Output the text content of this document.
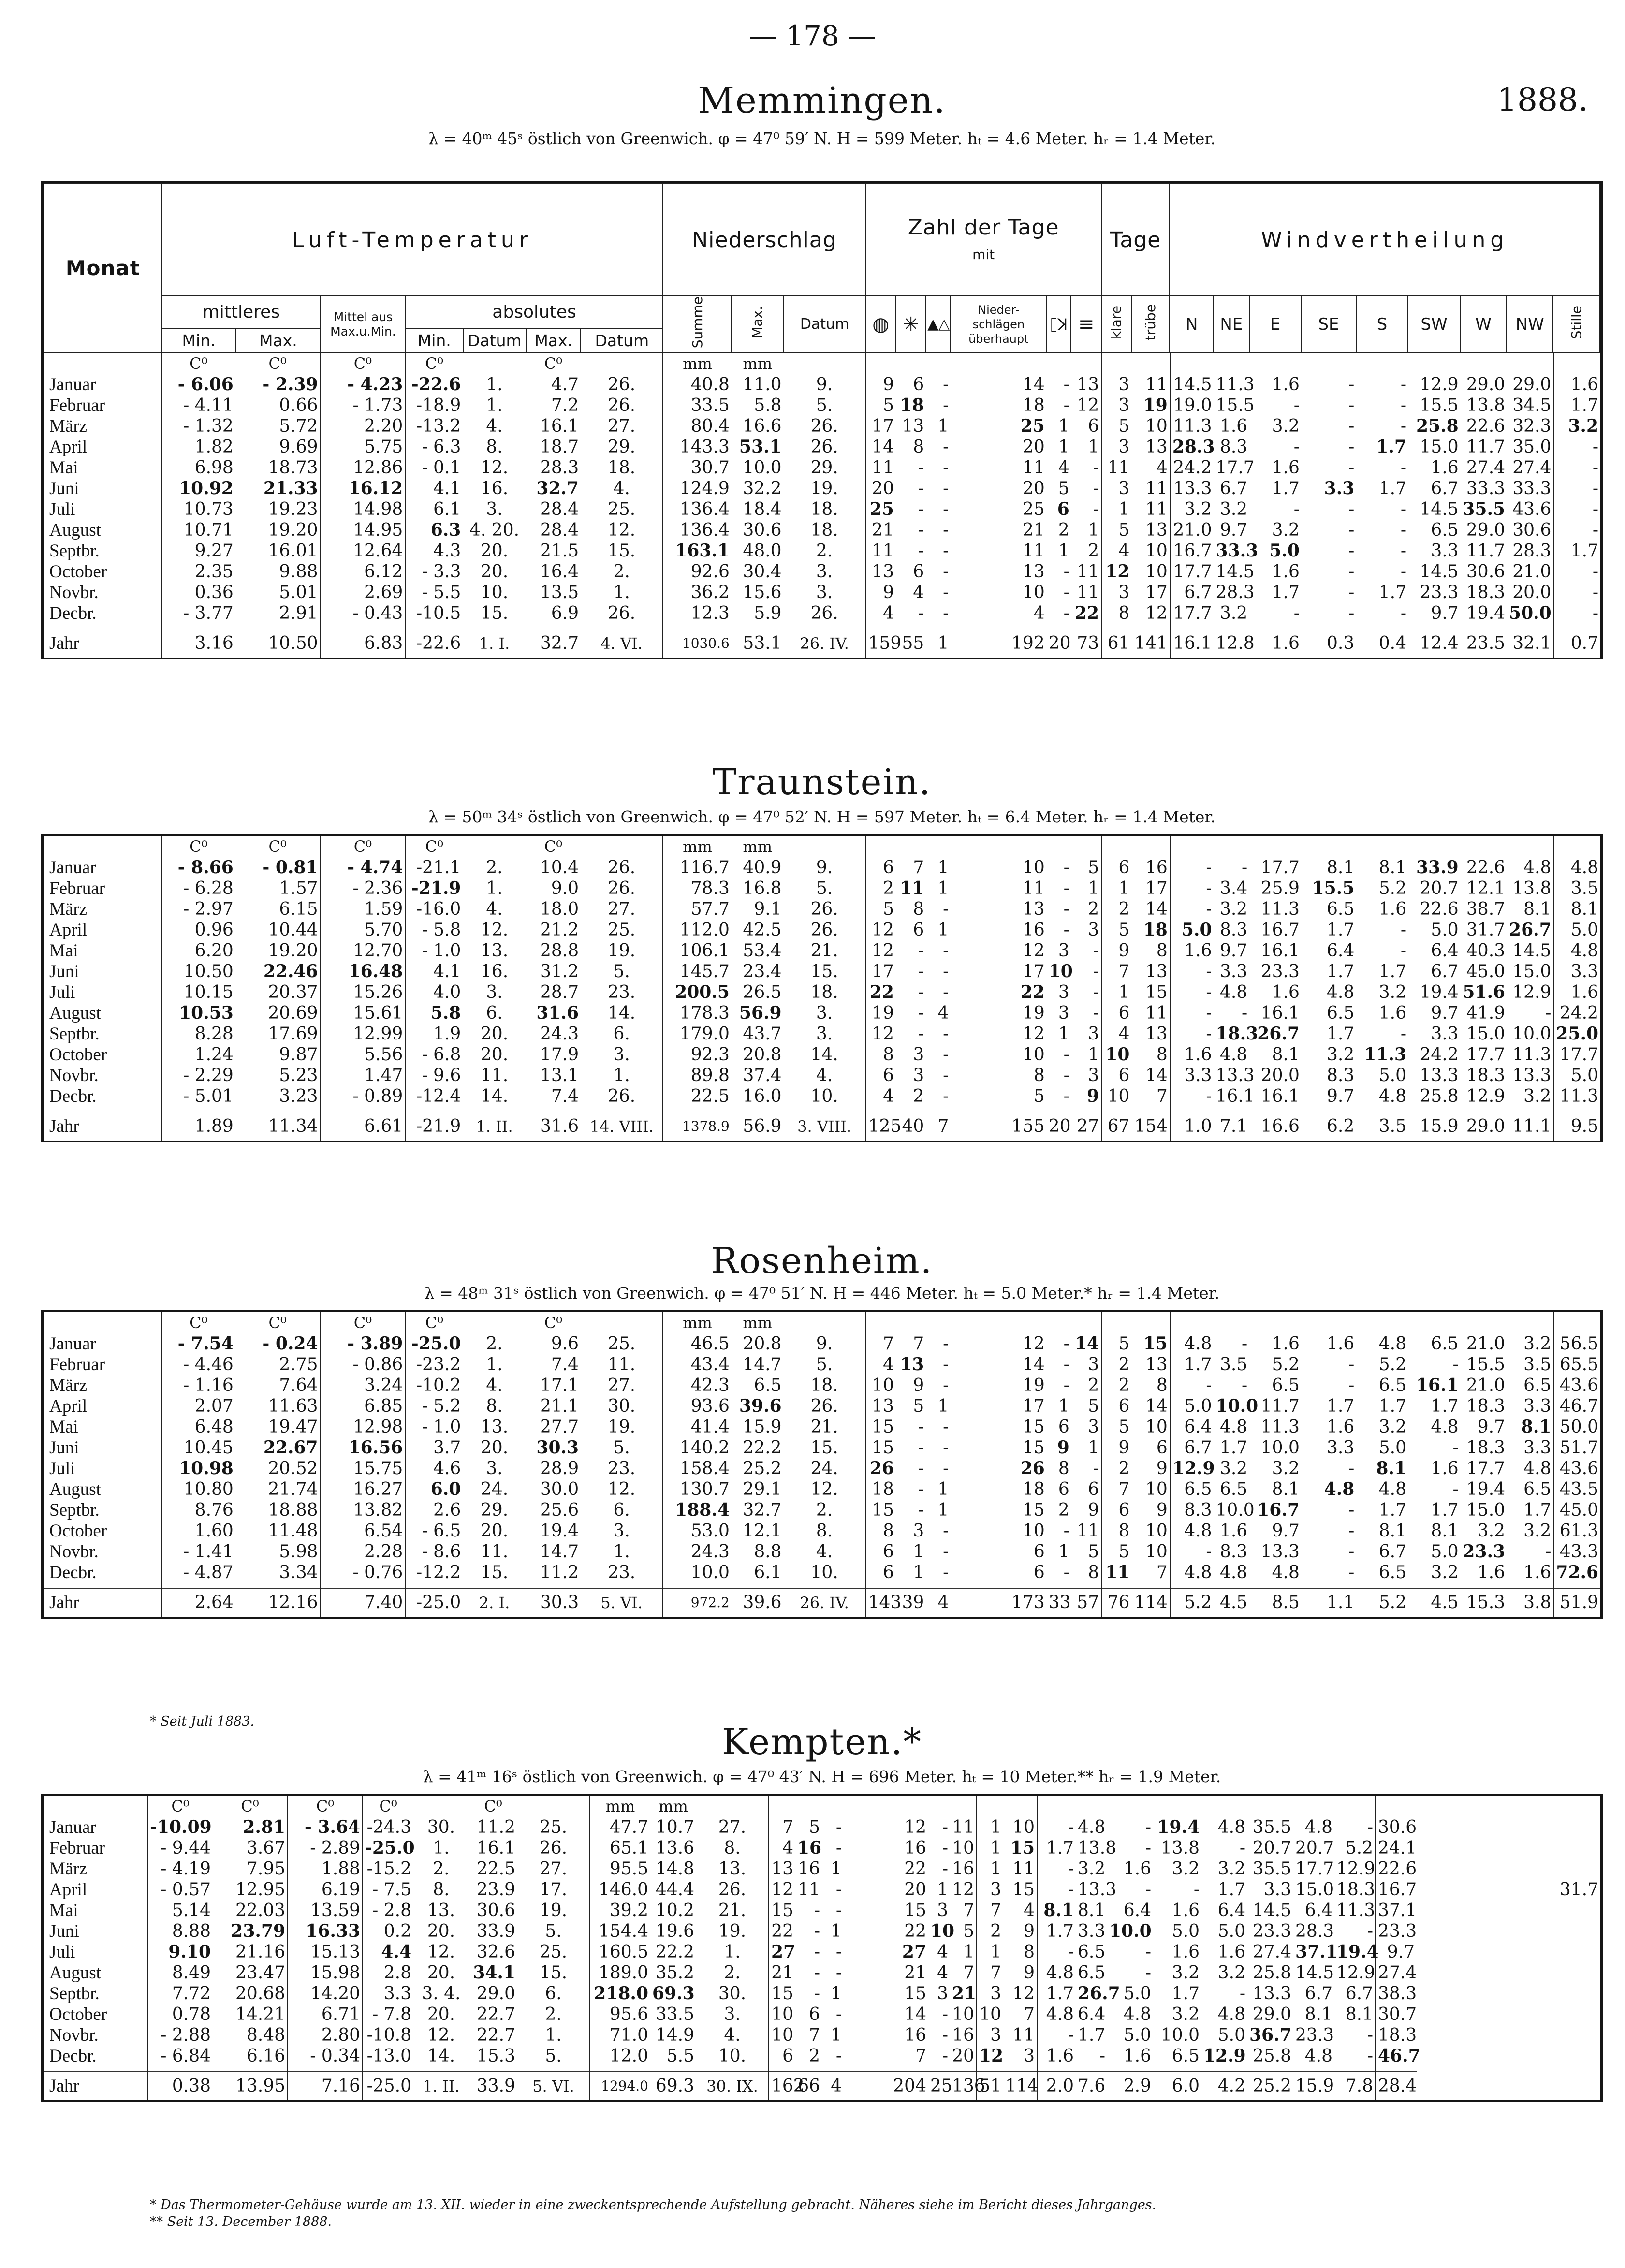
— 178 —
1888.
Memmingen.
λ = 40ᵐ 45ˢ östlich von Greenwich. φ = 47⁰ 59′ N. H = 599 Meter. hₜ = 4.6 Meter. hᵣ = 1.4 Meter.
Monat	Luft-Temperatur							Niederschlag			Zahl der Tage
mit						Tage		Windvertheilung								
	mittleres		Mittel aus Max.u.Min.	absolutes				Summe	Max.	Datum	◍	✳	▲△	Nieder-schlägen überhaupt	⟦ꓘ	≡	klare	trübe	N	NE	E	SE	S	SW	W	NW	Stille
	Min.	Max.		Min.	Datum	Max.	Datum																				
	C⁰	C⁰	C⁰	C⁰		C⁰		mm	mm																		
Januar	- 6.06	- 2.39	- 4.23	-22.6	1.	4.7	26.	40.8	11.0	9.	9	6	-	14	-	13	3	11	14.5	11.3	1.6	-	-	12.9	29.0	29.0	1.6
Februar	- 4.11	0.66	- 1.73	-18.9	1.	7.2	26.	33.5	5.8	5.	5	18	-	18	-	12	3	19	19.0	15.5	-	-	-	15.5	13.8	34.5	1.7
März	- 1.32	5.72	2.20	-13.2	4.	16.1	27.	80.4	16.6	26.	17	13	1	25	1	6	5	10	11.3	1.6	3.2	-	-	25.8	22.6	32.3	3.2
April	1.82	9.69	5.75	- 6.3	8.	18.7	29.	143.3	53.1	26.	14	8	-	20	1	1	3	13	28.3	8.3	-	-	1.7	15.0	11.7	35.0	-
Mai	6.98	18.73	12.86	- 0.1	12.	28.3	18.	30.7	10.0	29.	11	-	-	11	4	-	11	4	24.2	17.7	1.6	-	-	1.6	27.4	27.4	-
Juni	10.92	21.33	16.12	4.1	16.	32.7	4.	124.9	32.2	19.	20	-	-	20	5	-	3	11	13.3	6.7	1.7	3.3	1.7	6.7	33.3	33.3	-
Juli	10.73	19.23	14.98	6.1	3.	28.4	25.	136.4	18.4	18.	25	-	-	25	6	-	1	11	3.2	3.2	-	-	-	14.5	35.5	43.6	-
August	10.71	19.20	14.95	6.3	4. 20.	28.4	12.	136.4	30.6	18.	21	-	-	21	2	1	5	13	21.0	9.7	3.2	-	-	6.5	29.0	30.6	-
Septbr.	9.27	16.01	12.64	4.3	20.	21.5	15.	163.1	48.0	2.	11	-	-	11	1	2	4	10	16.7	33.3	5.0	-	-	3.3	11.7	28.3	1.7
October	2.35	9.88	6.12	- 3.3	20.	16.4	2.	92.6	30.4	3.	13	6	-	13	-	11	12	10	17.7	14.5	1.6	-	-	14.5	30.6	21.0	-
Novbr.	0.36	5.01	2.69	- 5.5	10.	13.5	1.	36.2	15.6	3.	9	4	-	10	-	11	3	17	6.7	28.3	1.7	-	1.7	23.3	18.3	20.0	-
Decbr.	- 3.77	2.91	- 0.43	-10.5	15.	6.9	26.	12.3	5.9	26.	4	-	-	4	-	22	8	12	17.7	3.2	-	-	-	9.7	19.4	50.0	-

Jahr	3.16	10.50	6.83	-22.6	1. I.	32.7	4. VI.	1030.6	53.1	26. IV.	159	55	1	192	20	73	61	141	16.1	12.8	1.6	0.3	0.4	12.4	23.5	32.1	0.7
Traunstein.
λ = 50ᵐ 34ˢ östlich von Greenwich. φ = 47⁰ 52′ N. H = 597 Meter. hₜ = 6.4 Meter. hᵣ = 1.4 Meter.
	C⁰	C⁰	C⁰	C⁰		C⁰		mm	mm																		
Januar	- 8.66	- 0.81	- 4.74	-21.1	2.	10.4	26.	116.7	40.9	9.	6	7	1	10	-	5	6	16	-	-	17.7	8.1	8.1	33.9	22.6	4.8	4.8
Februar	- 6.28	1.57	- 2.36	-21.9	1.	9.0	26.	78.3	16.8	5.	2	11	1	11	-	1	1	17	-	3.4	25.9	15.5	5.2	20.7	12.1	13.8	3.5
März	- 2.97	6.15	1.59	-16.0	4.	18.0	27.	57.7	9.1	26.	5	8	-	13	-	2	2	14	-	3.2	11.3	6.5	1.6	22.6	38.7	8.1	8.1
April	0.96	10.44	5.70	- 5.8	12.	21.2	25.	112.0	42.5	26.	12	6	1	16	-	3	5	18	5.0	8.3	16.7	1.7	-	5.0	31.7	26.7	5.0
Mai	6.20	19.20	12.70	- 1.0	13.	28.8	19.	106.1	53.4	21.	12	-	-	12	3	-	9	8	1.6	9.7	16.1	6.4	-	6.4	40.3	14.5	4.8
Juni	10.50	22.46	16.48	4.1	16.	31.2	5.	145.7	23.4	15.	17	-	-	17	10	-	7	13	-	3.3	23.3	1.7	1.7	6.7	45.0	15.0	3.3
Juli	10.15	20.37	15.26	4.0	3.	28.7	23.	200.5	26.5	18.	22	-	-	22	3	-	1	15	-	4.8	1.6	4.8	3.2	19.4	51.6	12.9	1.6
August	10.53	20.69	15.61	5.8	6.	31.6	14.	178.3	56.9	3.	19	-	4	19	3	-	6	11	-	-	16.1	6.5	1.6	9.7	41.9	-	24.2
Septbr.	8.28	17.69	12.99	1.9	20.	24.3	6.	179.0	43.7	3.	12	-	-	12	1	3	4	13	-	18.3	26.7	1.7	-	3.3	15.0	10.0	25.0
October	1.24	9.87	5.56	- 6.8	20.	17.9	3.	92.3	20.8	14.	8	3	-	10	-	1	10	8	1.6	4.8	8.1	3.2	11.3	24.2	17.7	11.3	17.7
Novbr.	- 2.29	5.23	1.47	- 9.6	11.	13.1	1.	89.8	37.4	4.	6	3	-	8	-	3	6	14	3.3	13.3	20.0	8.3	5.0	13.3	18.3	13.3	5.0
Decbr.	- 5.01	3.23	- 0.89	-12.4	14.	7.4	26.	22.5	16.0	10.	4	2	-	5	-	9	10	7	-	16.1	16.1	9.7	4.8	25.8	12.9	3.2	11.3

Jahr	1.89	11.34	6.61	-21.9	1. II.	31.6	14. VIII.	1378.9	56.9	3. VIII.	125	40	7	155	20	27	67	154	1.0	7.1	16.6	6.2	3.5	15.9	29.0	11.1	9.5
Rosenheim.
λ = 48ᵐ 31ˢ östlich von Greenwich. φ = 47⁰ 51′ N. H = 446 Meter. hₜ = 5.0 Meter.* hᵣ = 1.4 Meter.
	C⁰	C⁰	C⁰	C⁰		C⁰		mm	mm																		
Januar	- 7.54	- 0.24	- 3.89	-25.0	2.	9.6	25.	46.5	20.8	9.	7	7	-	12	-	14	5	15	4.8	-	1.6	1.6	4.8	6.5	21.0	3.2	56.5
Februar	- 4.46	2.75	- 0.86	-23.2	1.	7.4	11.	43.4	14.7	5.	4	13	-	14	-	3	2	13	1.7	3.5	5.2	-	5.2	-	15.5	3.5	65.5
März	- 1.16	7.64	3.24	-10.2	4.	17.1	27.	42.3	6.5	18.	10	9	-	19	-	2	2	8	-	-	6.5	-	6.5	16.1	21.0	6.5	43.6
April	2.07	11.63	6.85	- 5.2	8.	21.1	30.	93.6	39.6	26.	13	5	1	17	1	5	6	14	5.0	10.0	11.7	1.7	1.7	1.7	18.3	3.3	46.7
Mai	6.48	19.47	12.98	- 1.0	13.	27.7	19.	41.4	15.9	21.	15	-	-	15	6	3	5	10	6.4	4.8	11.3	1.6	3.2	4.8	9.7	8.1	50.0
Juni	10.45	22.67	16.56	3.7	20.	30.3	5.	140.2	22.2	15.	15	-	-	15	9	1	9	6	6.7	1.7	10.0	3.3	5.0	-	18.3	3.3	51.7
Juli	10.98	20.52	15.75	4.6	3.	28.9	23.	158.4	25.2	24.	26	-	-	26	8	-	2	9	12.9	3.2	3.2	-	8.1	1.6	17.7	4.8	43.6
August	10.80	21.74	16.27	6.0	24.	30.0	12.	130.7	29.1	12.	18	-	1	18	6	6	7	10	6.5	6.5	8.1	4.8	4.8	-	19.4	6.5	43.5
Septbr.	8.76	18.88	13.82	2.6	29.	25.6	6.	188.4	32.7	2.	15	-	1	15	2	9	6	9	8.3	10.0	16.7	-	1.7	1.7	15.0	1.7	45.0
October	1.60	11.48	6.54	- 6.5	20.	19.4	3.	53.0	12.1	8.	8	3	-	10	-	11	8	10	4.8	1.6	9.7	-	8.1	8.1	3.2	3.2	61.3
Novbr.	- 1.41	5.98	2.28	- 8.6	11.	14.7	1.	24.3	8.8	4.	6	1	-	6	1	5	5	10	-	8.3	13.3	-	6.7	5.0	23.3	-	43.3
Decbr.	- 4.87	3.34	- 0.76	-12.2	15.	11.2	23.	10.0	6.1	10.	6	1	-	6	-	8	11	7	4.8	4.8	4.8	-	6.5	3.2	1.6	1.6	72.6

Jahr	2.64	12.16	7.40	-25.0	2. I.	30.3	5. VI.	972.2	39.6	26. IV.	143	39	4	173	33	57	76	114	5.2	4.5	8.5	1.1	5.2	4.5	15.3	3.8	51.9
* Seit Juli 1883.	Kempten.*
λ = 41ᵐ 16ˢ östlich von Greenwich. φ = 47⁰ 43′ N. H = 696 Meter. hₜ = 10 Meter.** hᵣ = 1.9 Meter.
	C⁰	C⁰	C⁰	C⁰		C⁰		mm	mm																			
Januar	-10.09	2.81	- 3.64	-24.3	30.	11.2	25.	47.7	10.7	27.	7	5	-	12	-	11	1	10	-	4.8	-	19.4	4.8	35.5	4.8	-	30.6	
Februar	- 9.44	3.67	- 2.89	-25.0	1.	16.1	26.	65.1	13.6	8.	4	16	-	16	-	10	1	15	1.7	13.8	-	13.8	-	20.7	20.7	5.2	24.1	
März	- 4.19	7.95	1.88	-15.2	2.	22.5	27.	95.5	14.8	13.	13	16	1	22	-	16	1	11	-	3.2	1.6	3.2	3.2	35.5	17.7	12.9	22.6	
April	- 0.57	12.95	6.19	- 7.5	8.	23.9	17.	146.0	44.4	26.	12	11	-	20	1	12	3	15	-	13.3	-	-	1.7	3.3	15.0	18.3	16.7	31.7
Mai	5.14	22.03	13.59	- 2.8	13.	30.6	19.	39.2	10.2	21.	15	-	-	15	3	7	7	4	8.1	8.1	6.4	1.6	6.4	14.5	6.4	11.3	37.1	
Juni	8.88	23.79	16.33	0.2	20.	33.9	5.	154.4	19.6	19.	22	-	1	22	10	5	2	9	1.7	3.3	10.0	5.0	5.0	23.3	28.3	-	23.3	
Juli	9.10	21.16	15.13	4.4	12.	32.6	25.	160.5	22.2	1.	27	-	-	27	4	1	1	8	-	6.5	-	1.6	1.6	27.4	37.1	19.4	9.7	
August	8.49	23.47	15.98	2.8	20.	34.1	15.	189.0	35.2	2.	21	-	-	21	4	7	7	9	4.8	6.5	-	3.2	3.2	25.8	14.5	12.9	27.4	
Septbr.	7.72	20.68	14.20	3.3	3. 4.	29.0	6.	218.0	69.3	30.	15	-	1	15	3	21	3	12	1.7	26.7	5.0	1.7	-	13.3	6.7	6.7	38.3	
October	0.78	14.21	6.71	- 7.8	20.	22.7	2.	95.6	33.5	3.	10	6	-	14	-	10	10	7	4.8	6.4	4.8	3.2	4.8	29.0	8.1	8.1	30.7	
Novbr.	- 2.88	8.48	2.80	-10.8	12.	22.7	1.	71.0	14.9	4.	10	7	1	16	-	16	3	11	-	1.7	5.0	10.0	5.0	36.7	23.3	-	18.3	
Decbr.	- 6.84	6.16	- 0.34	-13.0	14.	15.3	5.	12.0	5.5	10.	6	2	-	7	-	20	12	3	1.6	-	1.6	6.5	12.9	25.8	4.8	-	46.7	

Jahr	0.38	13.95	7.16	-25.0	1. II.	33.9	5. VI.	1294.0	69.3	30. IX.	162	66	4	204	25	136	51	114	2.0	7.6	2.9	6.0	4.2	25.2	15.9	7.8	28.4	
* Das Thermometer-Gehäuse wurde am 13. XII. wieder in eine zweckentsprechende Aufstellung gebracht. Näheres siehe im Bericht dieses Jahrganges.
** Seit 13. December 1888.
